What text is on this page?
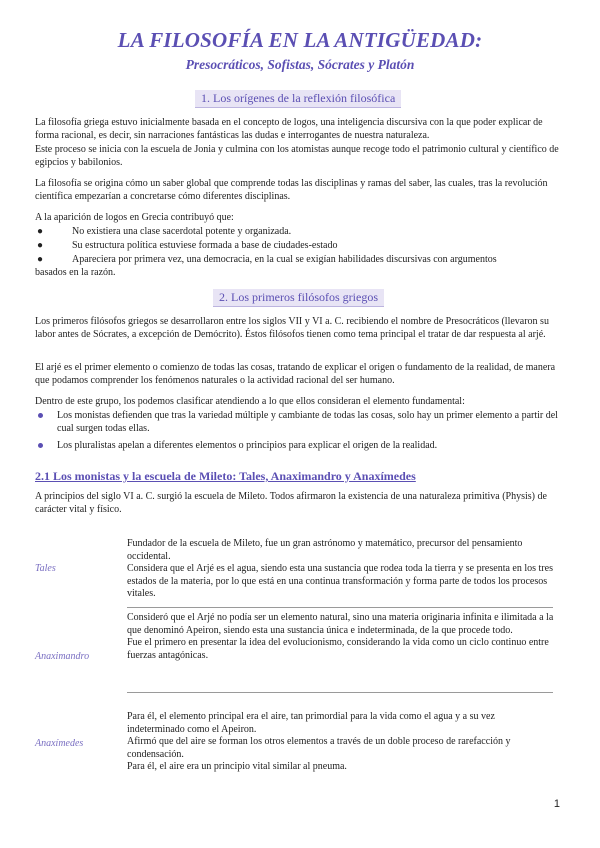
LA FILOSOFÍA EN LA ANTIGÜEDAD:
Presocráticos, Sofistas, Sócrates y Platón
1. Los orígenes de la reflexión filosófica
La filosofía griega estuvo inicialmente basada en el concepto de logos, una inteligencia discursiva con la que poder explicar de forma racional, es decir, sin narraciones fantásticas las dudas e interrogantes de nuestra naturaleza.
Este proceso se inicia con la escuela de Jonia y culmina con los atomistas aunque recoge todo el patrimonio cultural y científico de egipcios y babilonios.
La filosofía se origina cómo un saber global que comprende todas las disciplinas y ramas del saber, las cuales, tras la revolución científica empezarían a concretarse cómo diferentes disciplinas.
A la aparición de logos en Grecia contribuyó que:
●	No existiera una clase sacerdotal potente y organizada.
●	Su estructura política estuviese formada a base de ciudades-estado
●	Apareciera por primera vez, una democracia, en la cual se exigían habilidades discursivas con argumentos
basados en la razón.
2. Los primeros filósofos griegos
Los primeros filósofos griegos se desarrollaron entre los siglos VII y VI a. C. recibiendo el nombre de Presocráticos (llevaron su labor antes de Sócrates, a excepción de Demócrito). Éstos filósofos tienen como tema principal el tratar de dar respuesta al arjé.
El arjé es el primer elemento o comienzo de todas las cosas, tratando de explicar el origen o fundamento de la realidad, de manera que podamos comprender los fenómenos naturales o la actividad racional del ser humano.
Dentro de este grupo, los podemos clasificar atendiendo a lo que ellos consideran el elemento fundamental:
Los monistas defienden que tras la variedad múltiple y cambiante de todas las cosas, solo hay un primer elemento a partir del cual surgen todas ellas.
Los pluralistas apelan a diferentes elementos o principios para explicar el origen de la realidad.
2.1 Los monistas y la escuela de Mileto: Tales, Anaximandro y Anaxímedes
A principios del siglo VI a. C. surgió la escuela de Mileto. Todos afirmaron la existencia de una naturaleza primitiva (Physis) de carácter vital y físico.
Tales
Fundador de la escuela de Mileto, fue un gran astrónomo y matemático, precursor del pensamiento occidental.
Considera que el Arjé es el agua, siendo esta una sustancia que rodea toda la tierra y se presenta en los tres estados de la materia, por lo que está en una continua transformación y forma parte de todos los procesos vitales.
Anaximandro
Consideró que el Arjé no podía ser un elemento natural, sino una materia originaria infinita e ilimitada a la que denominó Apeiron, siendo esta una sustancia única e indeterminada, de la que procede todo.
Fue el primero en presentar la idea del evolucionismo, considerando la vida como un ciclo continuo entre fuerzas antagónicas.
Anaxímedes
Para él, el elemento principal era el aire, tan primordial para la vida como el agua y a su vez indeterminado como el Apeiron.
Afirmó que del aire se forman los otros elementos a través de un doble proceso de rarefacción y condensación.
Para él, el aire era un principio vital similar al pneuma.
1
